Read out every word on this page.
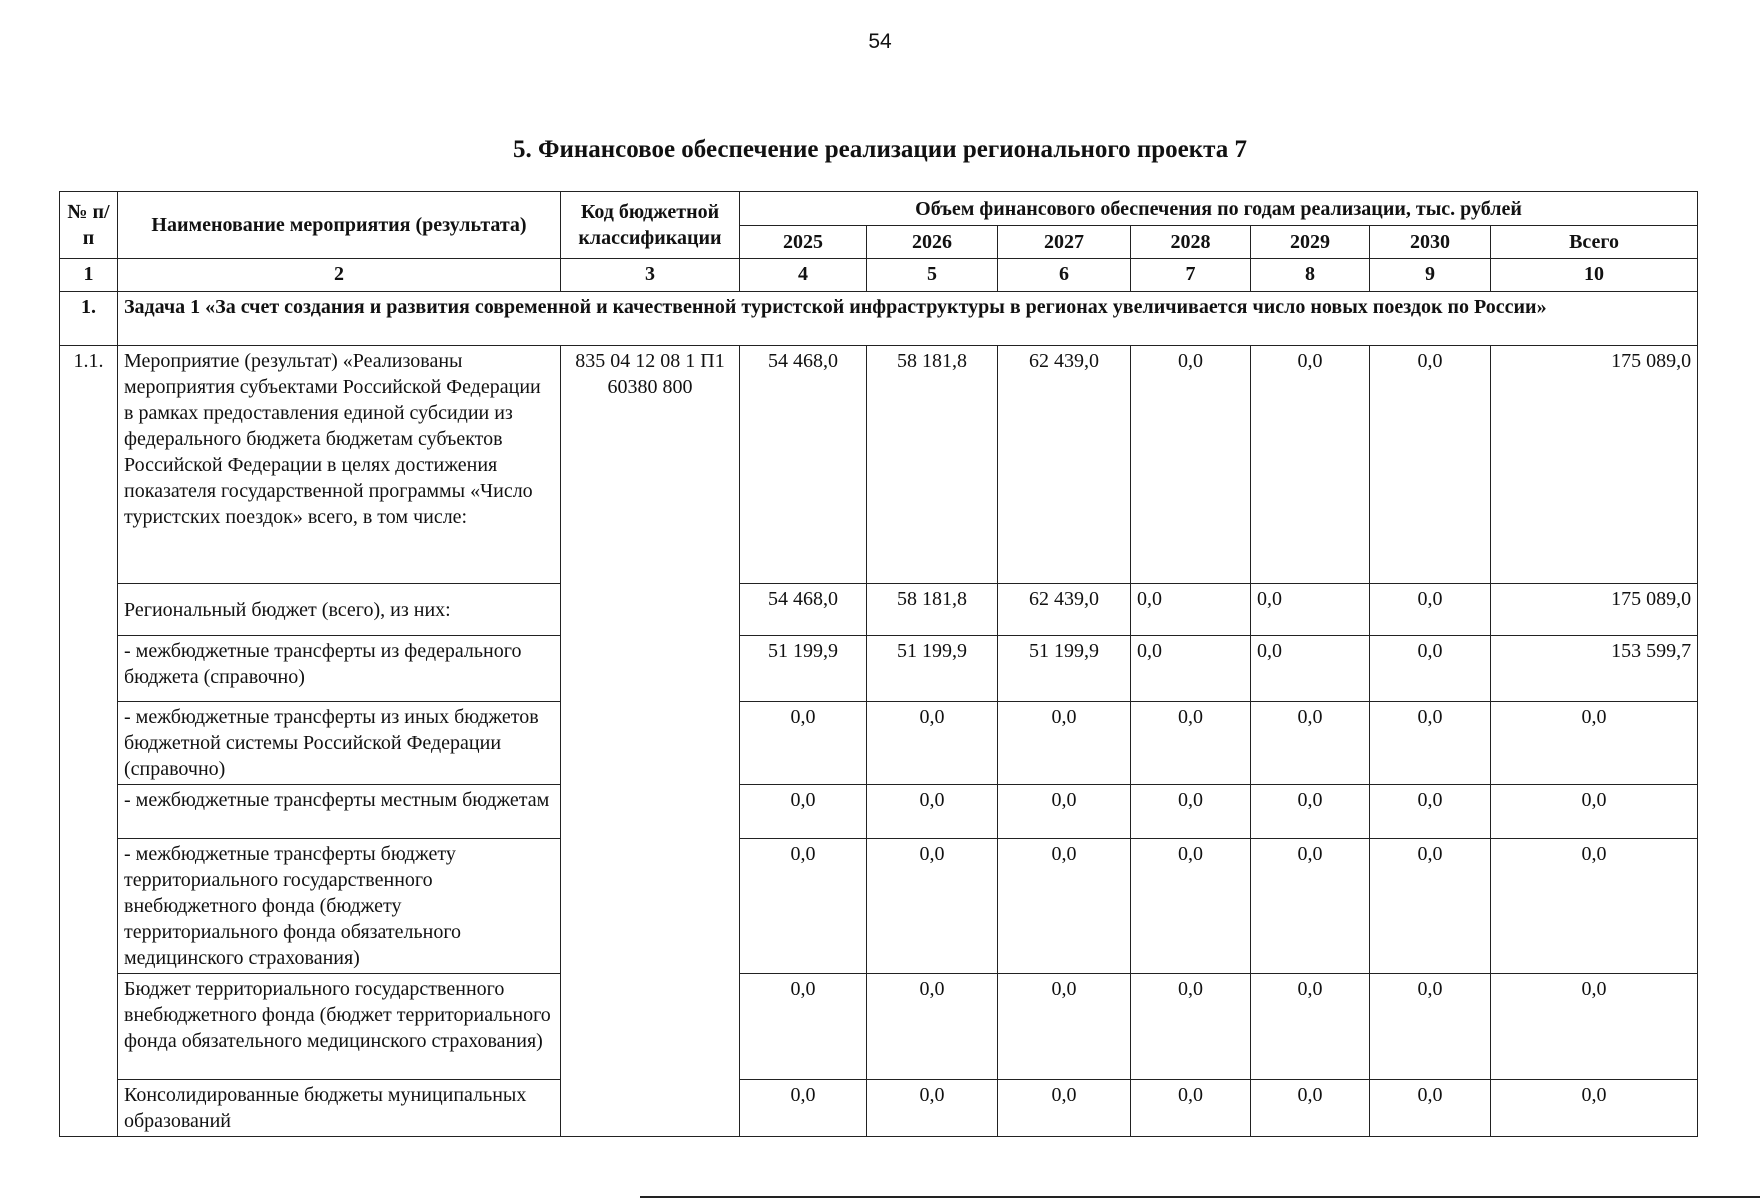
54
5. Финансовое обеспечение реализации регионального проекта 7
№ п/п	Наименование мероприятия (результата)	Код бюджетной классификации	Объем финансового обеспечения по годам реализации, тыс. рублей						
			2025	2026	2027	2028	2029	2030	Всего
1	2	3	4	5	6	7	8	9	10
1.	Задача 1 «За счет создания и развития современной и качественной туристской инфраструктуры в регионах увеличивается число новых поездок по России»								
1.1.	Мероприятие (результат) «Реализованы мероприятия субъектами Российской Федерации в рамках предоставления единой субсидии из федерального бюджета бюджетам субъектов Российской Федерации в целях достижения показателя государственной программы «Число туристских поездок» всего, в том числе:	835 04 12 08 1 П1 60380 800	54 468,0	58 181,8	62 439,0	0,0	0,0	0,0	175 089,0
	Региональный бюджет (всего), из них:		54 468,0	58 181,8	62 439,0	0,0	0,0	0,0	175 089,0
	- межбюджетные трансферты из федерального бюджета (справочно)		51 199,9	51 199,9	51 199,9	0,0	0,0	0,0	153 599,7
	- межбюджетные трансферты из иных бюджетов бюджетной системы Российской Федерации (справочно)		0,0	0,0	0,0	0,0	0,0	0,0	0,0
	- межбюджетные трансферты местным бюджетам		0,0	0,0	0,0	0,0	0,0	0,0	0,0
	- межбюджетные трансферты бюджету территориального государственного внебюджетного фонда (бюджету территориального фонда обязательного медицинского страхования)		0,0	0,0	0,0	0,0	0,0	0,0	0,0
	Бюджет территориального государственного внебюджетного фонда (бюджет территориального фонда обязательного медицинского страхования)		0,0	0,0	0,0	0,0	0,0	0,0	0,0
	Консолидированные бюджеты муниципальных образований		0,0	0,0	0,0	0,0	0,0	0,0	0,0
